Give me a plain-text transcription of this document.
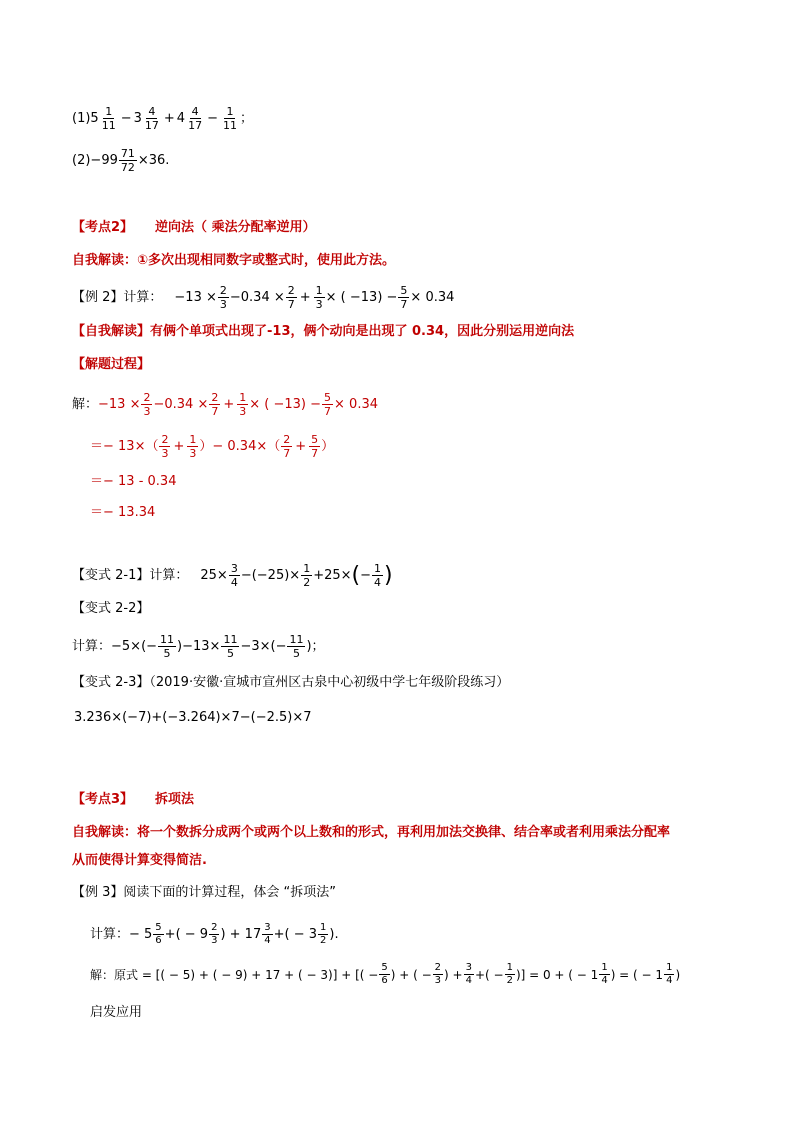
(1) $5 \frac{1}{11} - 3 \frac{4}{17} + 4 \frac{4}{17} - \frac{1}{11}$ ；
$(2) -99 \frac{71}{72} \times 36$ .
【考点2】 逆向法（ 乘法分配率逆用）
自我解读：①多次出现相同数字或整式时，使用此方法。
【例 2】计算： $-13 \times \frac{2}{3} -0.34 \times \frac{2}{7} + \frac{1}{3}$ × ( $-13) - \frac{5}{7} \times 0.34$
【自我解读】有俩个单项式出现了-13，俩个动向是出现了 0.34，因此分别运用逆向法
【解题过程】
解： $-13 \times \frac{2}{3} -0.34 \times \frac{2}{7} + \frac{1}{3}$ × ( $-13) - \frac{5}{7} \times 0.34$
＝− $13\times( \frac{2}{3} + \frac{1}{3}$ ）− $0.34\times( \frac{2}{7} + \frac{5}{7}$ ）
＝− 13 - 0.34
＝− 13.34
【变式 2-1】计算： $25\times \frac{3}{4} -(-25)\times \frac{1}{2} +25\times$ ( − $\frac{1}{4}$ )
【变式 2-2】
计算： $-5\times(- \frac{11}{5} )-13\times \frac{11}{5} -3\times(- \frac{11}{5}$ )；
【变式 2-3】（2019·安徽·宣城市宣州区古泉中心初级中学七年级阶段练习）
3.236×(−7)+(−3.264)×7−(−2.5)×7
【考点3】 拆项法
自我解读：将一个数拆分成两个或两个以上数和的形式，再利用加法交换律、结合率或者利用乘法分配率
从而使得计算变得简洁.
【例 3】阅读下面的计算过程，体会 “拆项法”
计算：− $5 \frac{5}{6}$ +( − $9 \frac{2}{3}$ ) + $17 \frac{3}{4}$ +( − $3 \frac{1}{2}$ ).
解：原式 = [( − 5) + ( − 9) + 17 + ( − 3)] + [( − $\frac{5}{6}$ ) + ( − $\frac{2}{3}$ ) + $\frac{3}{4}$ +( − $\frac{1}{2}$ )] = 0 + ( − $1 \frac{1}{4}$ ) = ( − $1 \frac{1}{4}$ )
启发应用
